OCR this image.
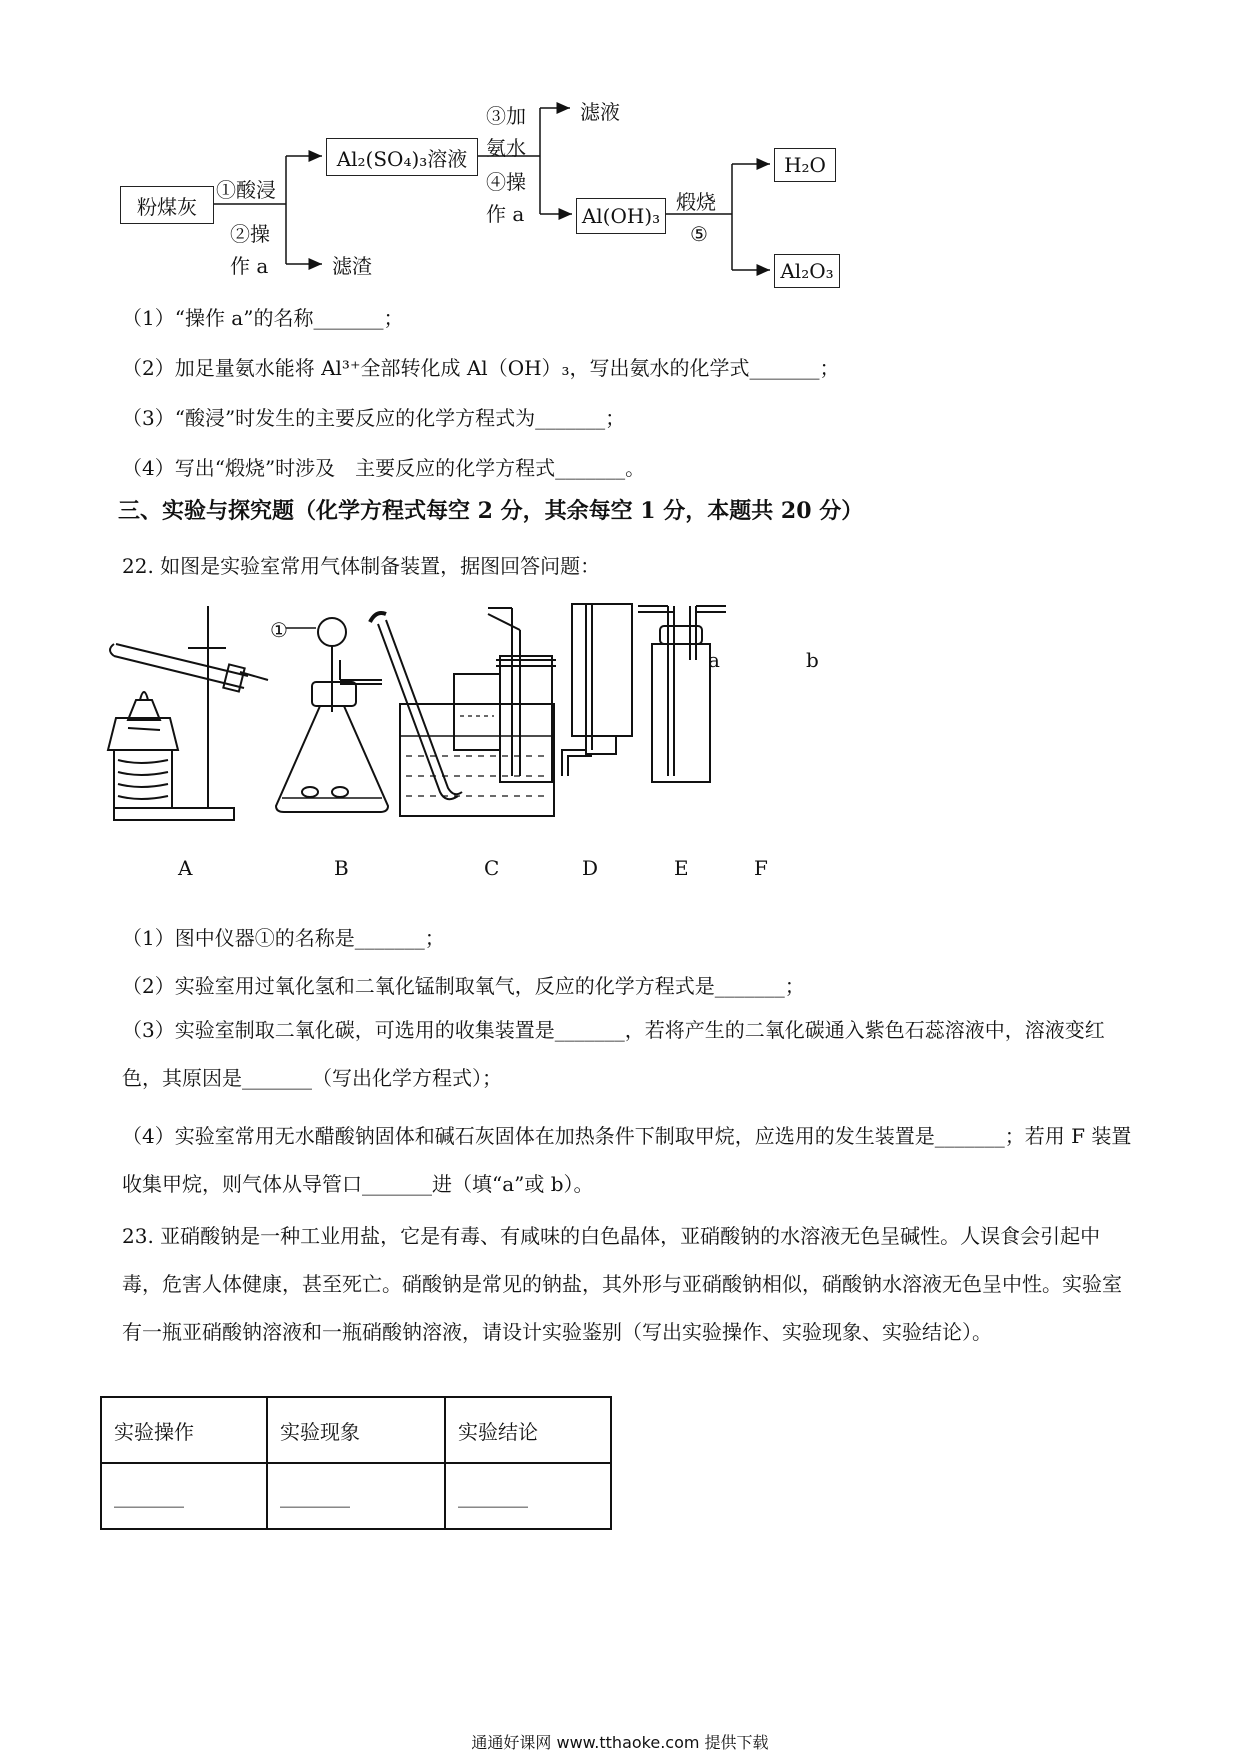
粉煤灰
①酸浸
②操
作 a
Al₂(SO₄)₃溶液
滤渣
③加
氨水
④操
作 a
滤液
Al(OH)₃
煅烧
⑤
H₂O
Al₂O₃
（1）“操作 a”的名称_______；
（2）加足量氨水能将 Al³⁺全部转化成 Al（OH）₃，写出氨水的化学式_______；
（3）“酸浸”时发生的主要反应的化学方程式为_______；
（4）写出“煅烧”时涉及　主要反应的化学方程式_______。
三、实验与探究题（化学方程式每空 2 分，其余每空 1 分，本题共 20 分）
22. 如图是实验室常用气体制备装置，据图回答问题：
①
a	b
A	B	C	D	E	F
（1）图中仪器①的名称是_______；
（2）实验室用过氧化氢和二氧化锰制取氧气，反应的化学方程式是_______；
（3）实验室制取二氧化碳，可选用的收集装置是_______，若将产生的二氧化碳通入紫色石蕊溶液中，溶液变红色，其原因是_______（写出化学方程式）；
（4）实验室常用无水醋酸钠固体和碱石灰固体在加热条件下制取甲烷，应选用的发生装置是_______；若用 F 装置收集甲烷，则气体从导管口_______进（填“a”或 b）。
23. 亚硝酸钠是一种工业用盐，它是有毒、有咸味的白色晶体，亚硝酸钠的水溶液无色呈碱性。人误食会引起中毒，危害人体健康，甚至死亡。硝酸钠是常见的钠盐，其外形与亚硝酸钠相似，硝酸钠水溶液无色呈中性。实验室有一瓶亚硝酸钠溶液和一瓶硝酸钠溶液，请设计实验鉴别（写出实验操作、实验现象、实验结论）。
实验操作	实验现象	实验结论
_______	_______	_______
通通好课网 www.tthaoke.com 提供下载
